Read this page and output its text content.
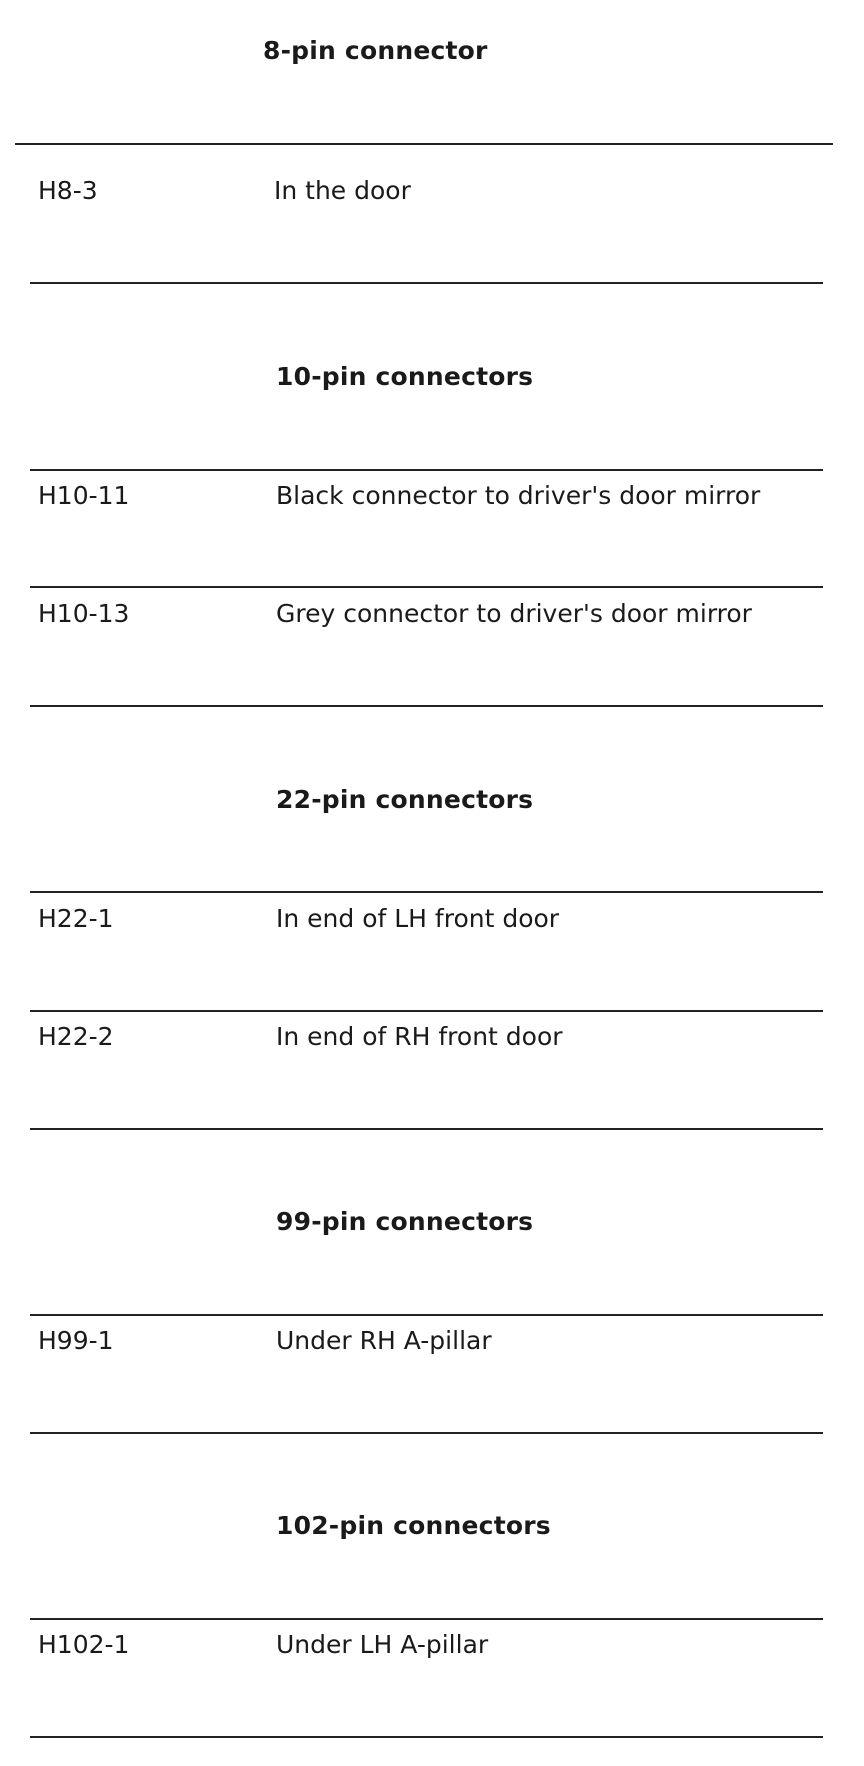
8-pin connector
H8-3	In the door
10-pin connectors
H10-11	Black connector to driver's door mirror
H10-13	Grey connector to driver's door mirror
22-pin connectors
H22-1	In end of LH front door
H22-2	In end of RH front door
99-pin connectors
H99-1	Under RH A-pillar
102-pin connectors
H102-1	Under LH A-pillar
